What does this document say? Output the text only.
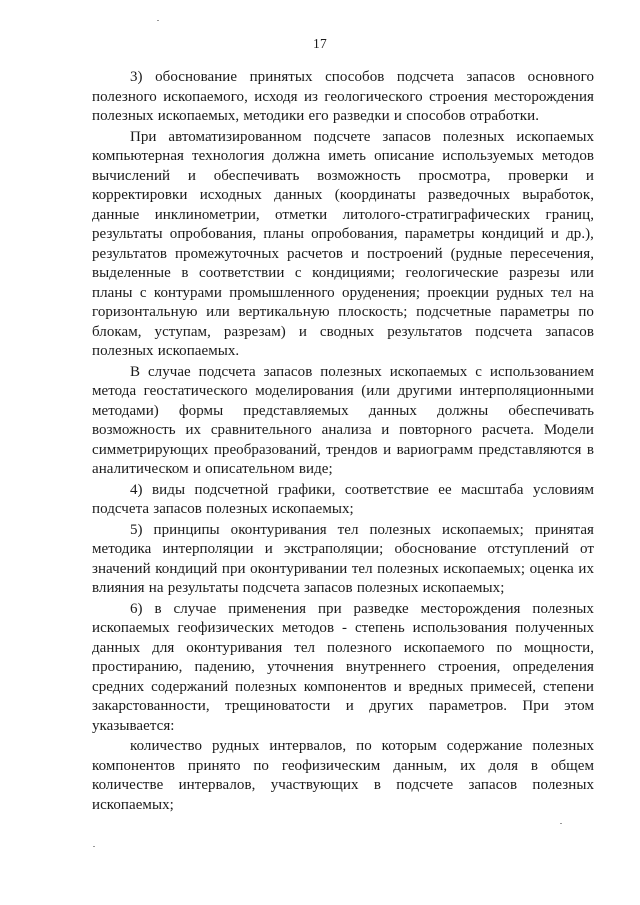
17

3) обоснование принятых способов подсчета запасов основного полезного ископаемого, исходя из геологического строения месторождения полезных ископаемых, методики его разведки и способов отработки.

При автоматизированном подсчете запасов полезных ископаемых компьютерная технология должна иметь описание используемых методов вычислений и обеспечивать возможность просмотра, проверки и корректировки исходных данных (координаты разведочных выработок, данные инклинометрии, отметки литолого-стратиграфических границ, результаты опробования, планы опробования, параметры кондиций и др.), результатов промежуточных расчетов и построений (рудные пересечения, выделенные в соответствии с кондициями; геологические разрезы или планы с контурами промышленного оруденения; проекции рудных тел на горизонтальную или вертикальную плоскость; подсчетные параметры по блокам, уступам, разрезам) и сводных результатов подсчета запасов полезных ископаемых.

В случае подсчета запасов полезных ископаемых с использованием метода геостатического моделирования (или другими интерполяционными методами) формы представляемых данных должны обеспечивать возможность их сравнительного анализа и повторного расчета. Модели симметрирующих преобразований, трендов и вариограмм представляются в аналитическом и описательном виде;

4) виды подсчетной графики, соответствие ее масштаба условиям подсчета запасов полезных ископаемых;

5) принципы оконтуривания тел полезных ископаемых; принятая методика интерполяции и экстраполяции; обоснование отступлений от значений кондиций при оконтуривании тел полезных ископаемых; оценка их влияния на результаты подсчета запасов полезных ископаемых;

6) в случае применения при разведке месторождения полезных ископаемых геофизических методов - степень использования полученных данных для оконтуривания тел полезного ископаемого по мощности, простиранию, падению, уточнения внутреннего строения, определения средних содержаний полезных компонентов и вредных примесей, степени закарстованности, трещиноватости и других параметров. При этом указывается:

количество рудных интервалов, по которым содержание полезных компонентов принято по геофизическим данным, их доля в общем количестве интервалов, участвующих в подсчете запасов полезных ископаемых;
